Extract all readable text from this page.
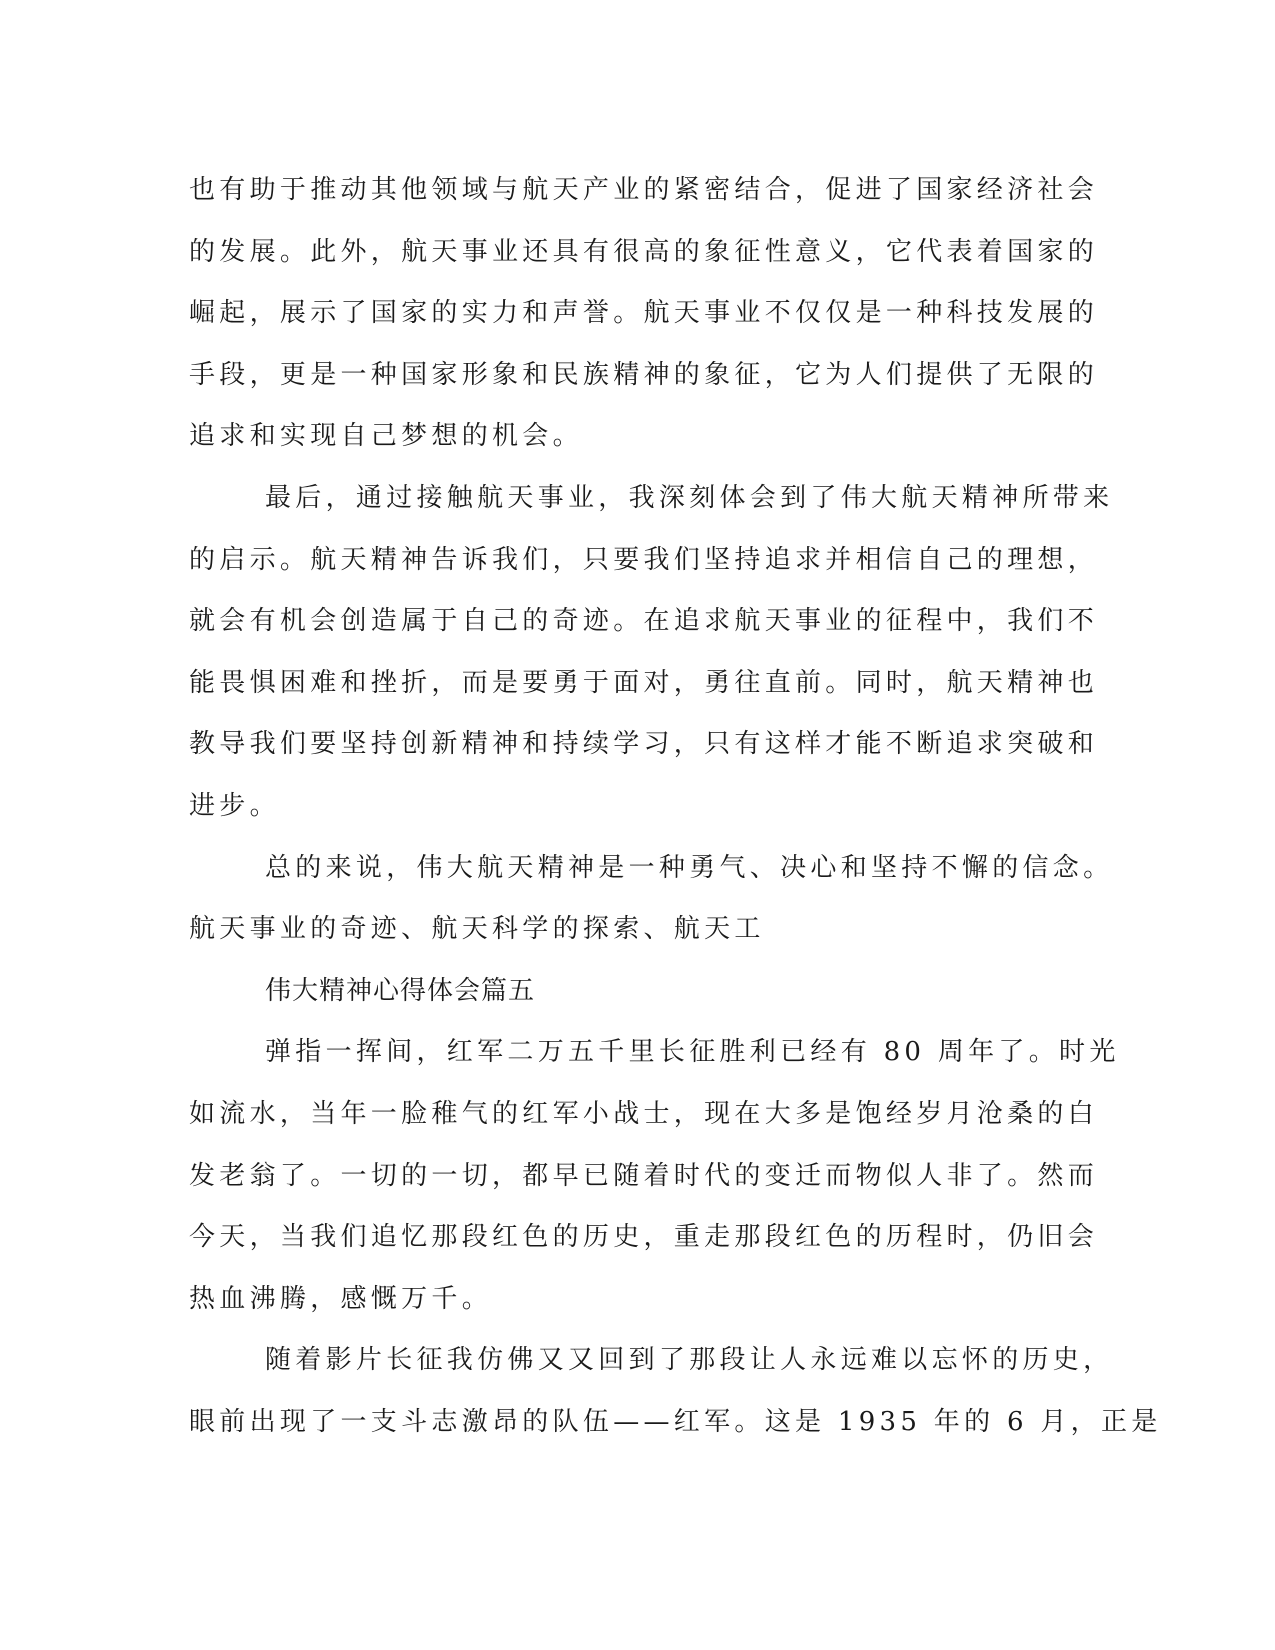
也有助于推动其他领域与航天产业的紧密结合，促进了国家经济社会
的发展。此外，航天事业还具有很高的象征性意义，它代表着国家的
崛起，展示了国家的实力和声誉。航天事业不仅仅是一种科技发展的
手段，更是一种国家形象和民族精神的象征，它为人们提供了无限的
追求和实现自己梦想的机会。
最后，通过接触航天事业，我深刻体会到了伟大航天精神所带来
的启示。航天精神告诉我们，只要我们坚持追求并相信自己的理想，
就会有机会创造属于自己的奇迹。在追求航天事业的征程中，我们不
能畏惧困难和挫折，而是要勇于面对，勇往直前。同时，航天精神也
教导我们要坚持创新精神和持续学习，只有这样才能不断追求突破和
进步。
总的来说，伟大航天精神是一种勇气、决心和坚持不懈的信念。
航天事业的奇迹、航天科学的探索、航天工
伟大精神心得体会篇五
弹指一挥间，红军二万五千里长征胜利已经有 80 周年了。时光
如流水，当年一脸稚气的红军小战士，现在大多是饱经岁月沧桑的白
发老翁了。一切的一切，都早已随着时代的变迁而物似人非了。然而
今天，当我们追忆那段红色的历史，重走那段红色的历程时，仍旧会
热血沸腾，感慨万千。
随着影片长征我仿佛又又回到了那段让人永远难以忘怀的历史，
眼前出现了一支斗志激昂的队伍——红军。这是 1935 年的 6 月，正是
